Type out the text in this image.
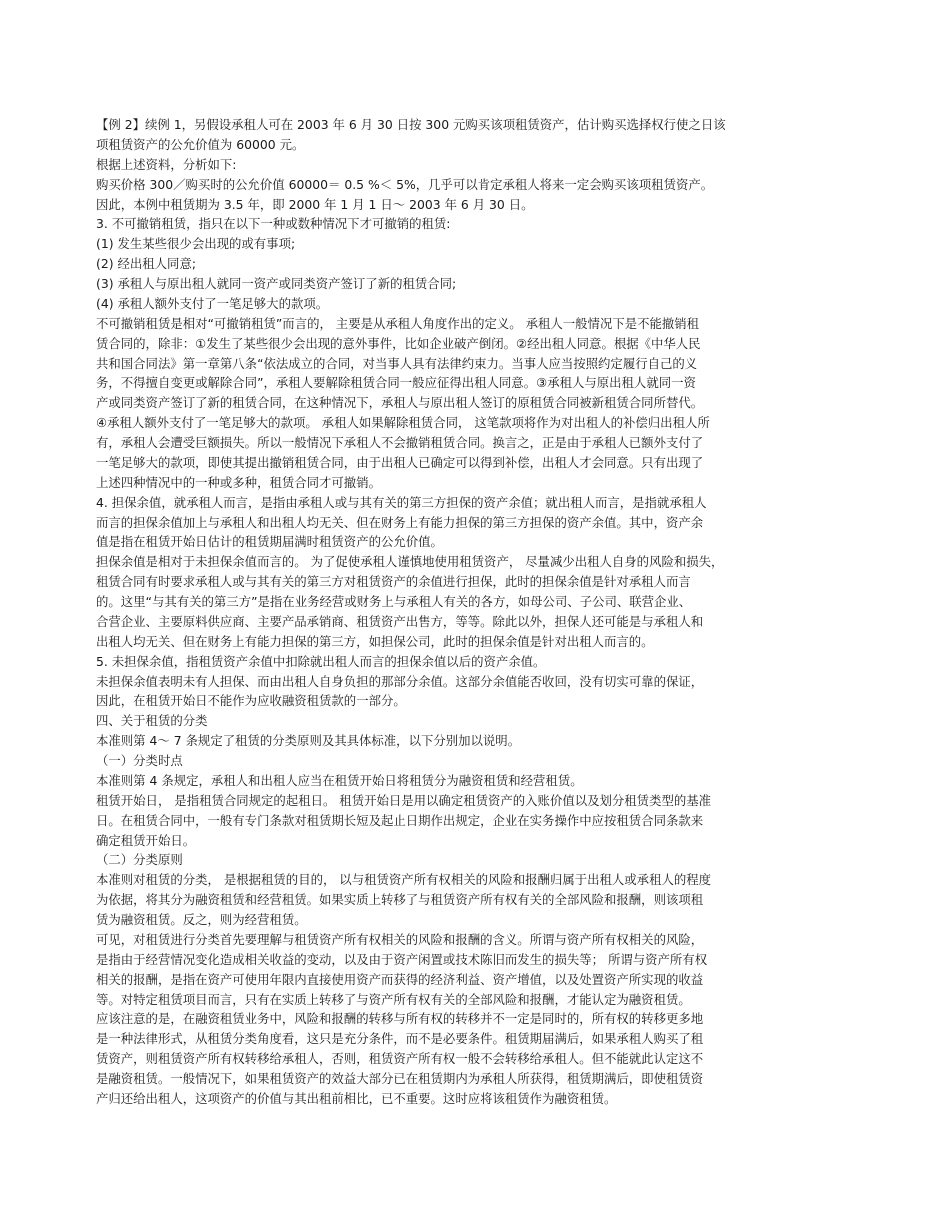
【例 2】续例 1，另假设承租人可在 2003 年 6 月 30 日按 300 元购买该项租赁资产，估计购买选择权行使之日该
项租赁资产的公允价值为 60000 元。
根据上述资料，分析如下:
购买价格 300／购买时的公允价值 60000＝ 0.5 %＜ 5%，几乎可以肯定承租人将来一定会购买该项租赁资产。
因此，本例中租赁期为 3.5 年，即 2000 年 1 月 1 日～ 2003 年 6 月 30 日。
3. 不可撤销租赁，指只在以下一种或数种情况下才可撤销的租赁:
(1) 发生某些很少会出现的或有事项;
(2) 经出租人同意;
(3) 承租人与原出租人就同一资产或同类资产签订了新的租赁合同;
(4) 承租人额外支付了一笔足够大的款项。
不可撤销租赁是相对“可撤销租赁”而言的， 主要是从承租人角度作出的定义。 承租人一般情况下是不能撤销租
赁合同的，除非：①发生了某些很少会出现的意外事件，比如企业破产倒闭。②经出租人同意。根据《中华人民
共和国合同法》第一章第八条“依法成立的合同，对当事人具有法律约束力。当事人应当按照约定履行自己的义
务，不得擅自变更或解除合同”，承租人要解除租赁合同一般应征得出租人同意。③承租人与原出租人就同一资
产或同类资产签订了新的租赁合同，在这种情况下，承租人与原出租人签订的原租赁合同被新租赁合同所替代。
④承租人额外支付了一笔足够大的款项。 承租人如果解除租赁合同， 这笔款项将作为对出租人的补偿归出租人所
有，承租人会遭受巨额损失。所以一般情况下承租人不会撤销租赁合同。换言之，正是由于承租人已额外支付了
一笔足够大的款项，即使其提出撤销租赁合同，由于出租人已确定可以得到补偿，出租人才会同意。只有出现了
上述四种情况中的一种或多种，租赁合同才可撤销。
4. 担保余值，就承租人而言，是指由承租人或与其有关的第三方担保的资产余值；就出租人而言，是指就承租人
而言的担保余值加上与承租人和出租人均无关、但在财务上有能力担保的第三方担保的资产余值。其中，资产余
值是指在租赁开始日估计的租赁期届满时租赁资产的公允价值。
担保余值是相对于未担保余值而言的。 为了促使承租人谨慎地使用租赁资产， 尽量减少出租人自身的风险和损失，
租赁合同有时要求承租人或与其有关的第三方对租赁资产的余值进行担保，此时的担保余值是针对承租人而言
的。这里“与其有关的第三方”是指在业务经营或财务上与承租人有关的各方，如母公司、子公司、联营企业、
合营企业、主要原料供应商、主要产品承销商、租赁资产出售方，等等。除此以外，担保人还可能是与承租人和
出租人均无关、但在财务上有能力担保的第三方，如担保公司，此时的担保余值是针对出租人而言的。
5. 未担保余值，指租赁资产余值中扣除就出租人而言的担保余值以后的资产余值。
未担保余值表明未有人担保、而由出租人自身负担的那部分余值。这部分余值能否收回，没有切实可靠的保证，
因此，在租赁开始日不能作为应收融资租赁款的一部分。
四、关于租赁的分类
本准则第 4～ 7 条规定了租赁的分类原则及其具体标准，以下分别加以说明。
（一）分类时点
本准则第 4 条规定，承租人和出租人应当在租赁开始日将租赁分为融资租赁和经营租赁。
租赁开始日， 是指租赁合同规定的起租日。 租赁开始日是用以确定租赁资产的入账价值以及划分租赁类型的基准
日。在租赁合同中，一般有专门条款对租赁期长短及起止日期作出规定，企业在实务操作中应按租赁合同条款来
确定租赁开始日。
（二）分类原则
本准则对租赁的分类， 是根据租赁的目的， 以与租赁资产所有权相关的风险和报酬归属于出租人或承租人的程度
为依据，将其分为融资租赁和经营租赁。如果实质上转移了与租赁资产所有权有关的全部风险和报酬，则该项租
赁为融资租赁。反之，则为经营租赁。
可见，对租赁进行分类首先要理解与租赁资产所有权相关的风险和报酬的含义。所谓与资产所有权相关的风险，
是指由于经营情况变化造成相关收益的变动，以及由于资产闲置或技术陈旧而发生的损失等； 所谓与资产所有权
相关的报酬，是指在资产可使用年限内直接使用资产而获得的经济利益、资产增值，以及处置资产所实现的收益
等。对特定租赁项目而言，只有在实质上转移了与资产所有权有关的全部风险和报酬，才能认定为融资租赁。
应该注意的是，在融资租赁业务中，风险和报酬的转移与所有权的转移并不一定是同时的，所有权的转移更多地
是一种法律形式，从租赁分类角度看，这只是充分条件，而不是必要条件。租赁期届满后，如果承租人购买了租
赁资产，则租赁资产所有权转移给承租人，否则，租赁资产所有权一般不会转移给承租人。但不能就此认定这不
是融资租赁。一般情况下，如果租赁资产的效益大部分已在租赁期内为承租人所获得，租赁期满后，即使租赁资
产归还给出租人，这项资产的价值与其出租前相比，已不重要。这时应将该租赁作为融资租赁。
